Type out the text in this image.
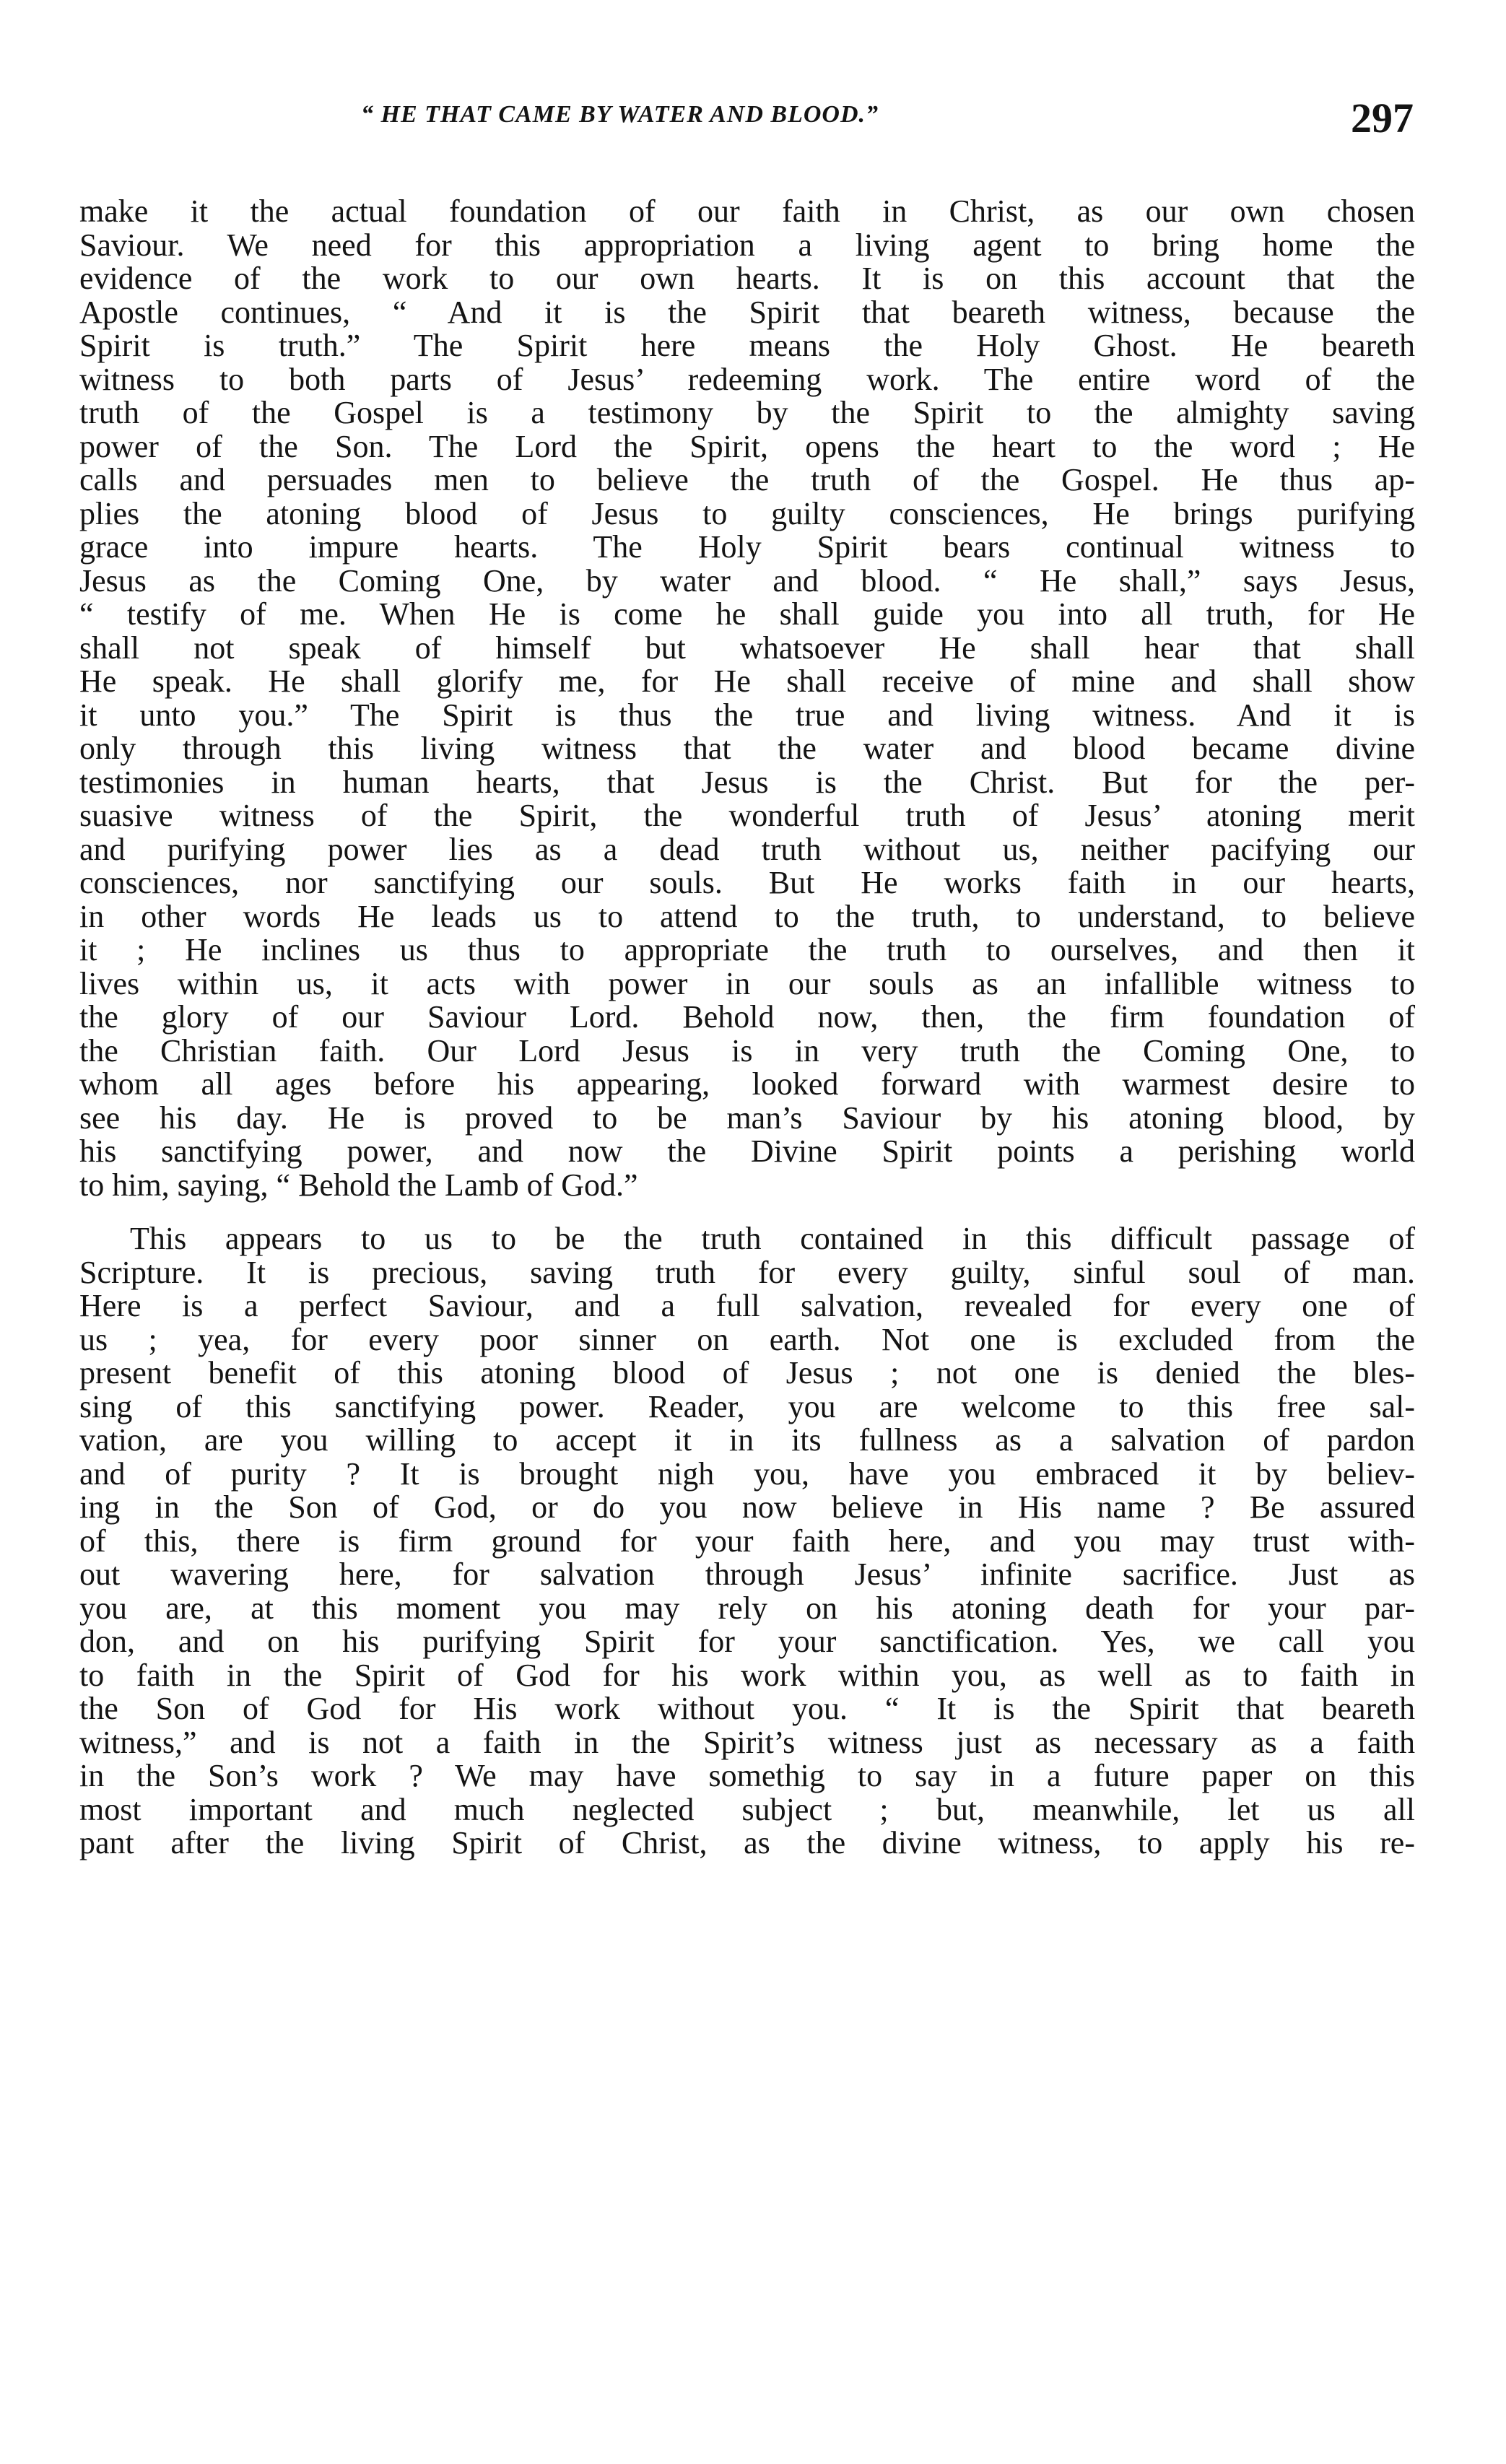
“ HE THAT CAME BY WATER AND BLOOD.”	297
make it the actual foundation of our faith in Christ, as our own chosen
Saviour. We need for this appropriation a living agent to bring home the
evidence of the work to our own hearts. It is on this account that the
Apostle continues, “ And it is the Spirit that beareth witness, because the
Spirit is truth.” The Spirit here means the Holy Ghost. He beareth
witness to both parts of Jesus’ redeeming work. The entire word of the
truth of the Gospel is a testimony by the Spirit to the almighty saving
power of the Son. The Lord the Spirit, opens the heart to the word ; He
calls and persuades men to believe the truth of the Gospel. He thus ap-
plies the atoning blood of Jesus to guilty consciences, He brings purifying
grace into impure hearts. The Holy Spirit bears continual witness to
Jesus as the Coming One, by water and blood. “ He shall,” says Jesus,
“ testify of me. When He is come he shall guide you into all truth, for He
shall not speak of himself but whatsoever He shall hear that shall
He speak. He shall glorify me, for He shall receive of mine and shall show
it unto you.” The Spirit is thus the true and living witness. And it is
only through this living witness that the water and blood became divine
testimonies in human hearts, that Jesus is the Christ. But for the per-
suasive witness of the Spirit, the wonderful truth of Jesus’ atoning merit
and purifying power lies as a dead truth without us, neither pacifying our
consciences, nor sanctifying our souls. But He works faith in our hearts,
in other words He leads us to attend to the truth, to understand, to believe
it ; He inclines us thus to appropriate the truth to ourselves, and then it
lives within us, it acts with power in our souls as an infallible witness to
the glory of our Saviour Lord. Behold now, then, the firm foundation of
the Christian faith. Our Lord Jesus is in very truth the Coming One, to
whom all ages before his appearing, looked forward with warmest desire to
see his day. He is proved to be man’s Saviour by his atoning blood, by
his sanctifying power, and now the Divine Spirit points a perishing world
to him, saying, “ Behold the Lamb of God.”
This appears to us to be the truth contained in this difficult passage of
Scripture. It is precious, saving truth for every guilty, sinful soul of man.
Here is a perfect Saviour, and a full salvation, revealed for every one of
us ; yea, for every poor sinner on earth. Not one is excluded from the
present benefit of this atoning blood of Jesus ; not one is denied the bles-
sing of this sanctifying power. Reader, you are welcome to this free sal-
vation, are you willing to accept it in its fullness as a salvation of pardon
and of purity ? It is brought nigh you, have you embraced it by believ-
ing in the Son of God, or do you now believe in His name ? Be assured
of this, there is firm ground for your faith here, and you may trust with-
out wavering here, for salvation through Jesus’ infinite sacrifice. Just as
you are, at this moment you may rely on his atoning death for your par-
don, and on his purifying Spirit for your sanctification. Yes, we call you
to faith in the Spirit of God for his work within you, as well as to faith in
the Son of God for His work without you. “ It is the Spirit that beareth
witness,” and is not a faith in the Spirit’s witness just as necessary as a faith
in the Son’s work ? We may have somethig to say in a future paper on this
most important and much neglected subject ; but, meanwhile, let us all
pant after the living Spirit of Christ, as the divine witness, to apply his re-
